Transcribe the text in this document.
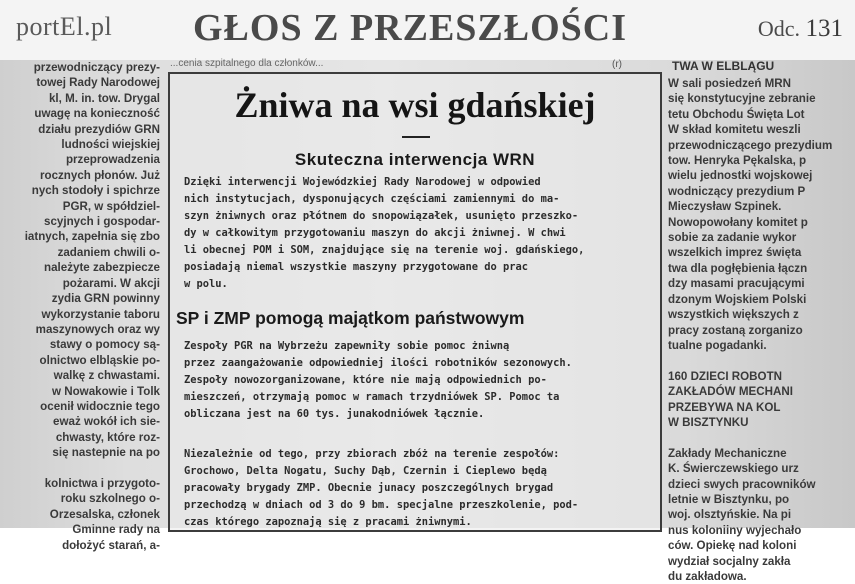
portEl.pl GŁOS Z PRZESZŁOŚCI	Odc. 131
...cenia szpitalnego dla członków...	(r)	TWA W ELBLĄGU
przewodniczący prezy-
towej Rady Narodowej
kl, M. in. tow. Drygal
uwagę na konieczność
działu prezydiów GRN
ludności wiejskiej
przeprowadzenia
rocznych płonów. Już
nych stodoły i spichrze
PGR, w spółdziel-
scyjnych i gospodar-
iatnych, zapełnia się zbo
zadaniem chwili o-
należyte zabezpiecze
pożarami. W akcji
zydia GRN powinny
wykorzystanie taboru
maszynowych oraz wy
stawy o pomocy są-
olnictwo elbląskie po-
walkę z chwastami.
w Nowakowie i Tolk
ocenił widocznie tego
eważ wokół ich sie-
chwasty, które roz-
się nastepnie na po

kolnictwa i przygoto-
roku szkolnego o-
Orzesalska, członek
Gminne rady na
dołożyć starań, a-
W sali posiedzeń MRN
się konstytucyjne zebranie
tetu Obchodu Święta Lot
W skład komitetu weszli
przewodniczącego prezydium
tow. Henryka Pękalska, p
wielu jednostki wojskowej
wodniczący prezydium P
Mieczysław Szpinek.
Nowopowołany komitet p
sobie za zadanie wykor
wszelkich imprez święta
twa dla pogłębienia łączn
dzy masami pracującymi
dzonym Wojskiem Polski
wszystkich większych z
pracy zostaną zorganizo
tualne pogadanki.

160 DZIECI ROBOTN
ZAKŁADÓW MECHANI
PRZEBYWA NA KOL
W BISZTYNKU

Zakłady Mechaniczne
K. Świerczewskiego urz
dzieci swych pracowników
letnie w Bisztynku, po
woj. olsztyńskie. Na pi
nus koloniiny wyjechało
ców. Opiekę nad koloni
wydział socjalny zakła
du zakładowa.
Żniwa na wsi gdańskiej
Skuteczna interwencja WRN
Dzięki interwencji Wojewódzkiej Rady Narodowej w odpowied
nich instytucjach, dysponujących częściami zamiennymi do ma-
szyn żniwnych oraz płótnem do snopowiązałek, usunięto przeszko-
dy w całkowitym przygotowaniu maszyn do akcji żniwnej. W chwi
li obecnej POM i SOM, znajdujące się na terenie woj. gdańskiego,
posiadają niemal wszystkie maszyny przygotowane do prac
w polu.
SP i ZMP pomogą majątkom państwowym
Zespoły PGR na Wybrzeżu zapewniły sobie pomoc żniwną
przez zaangażowanie odpowiedniej ilości robotników sezonowych.
Zespoły nowozorganizowane, które nie mają odpowiednich po-
mieszczeń, otrzymają pomoc w ramach trzydniówek SP. Pomoc ta
obliczana jest na 60 tys. junakodniówek łącznie.
Niezależnie od tego, przy zbiorach zbóż na terenie zespołów:
Grochowo, Delta Nogatu, Suchy Dąb, Czernin i Cieplewo będą
pracowały brygady ZMP. Obecnie junacy poszczególnych brygad
przechodzą w dniach od 3 do 9 bm. specjalne przeszkolenie, pod-
czas którego zapoznają się z pracami żniwnymi.
